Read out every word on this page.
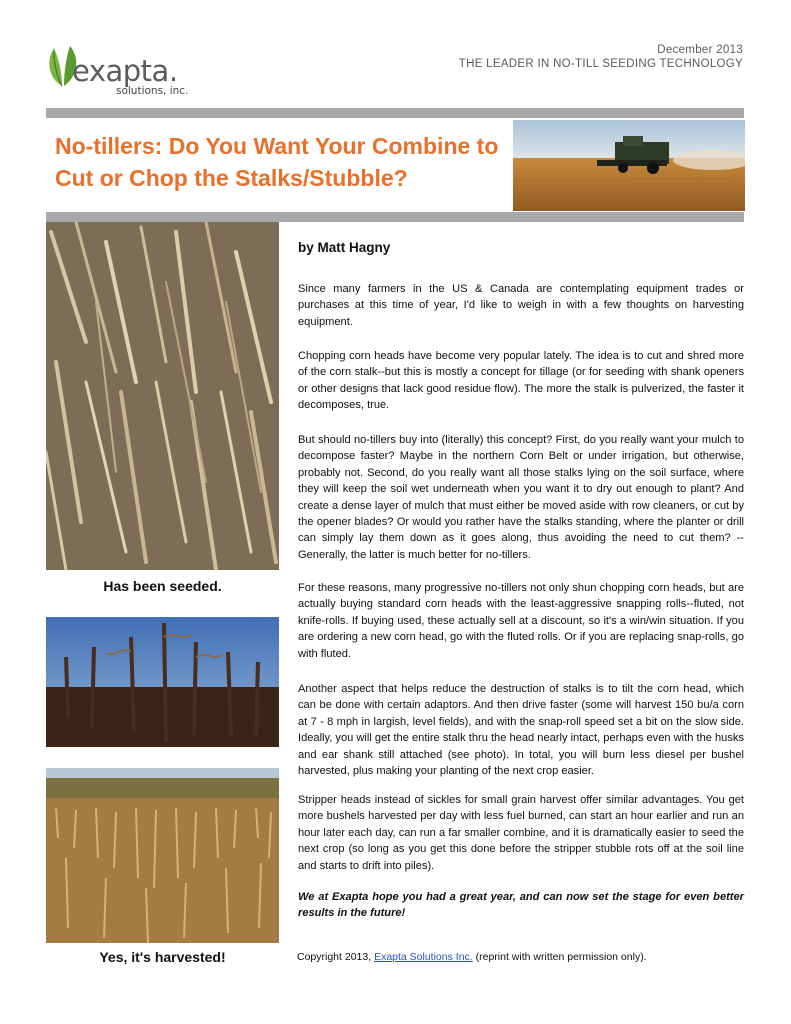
exapta.
solutions, inc.
December 2013
THE LEADER IN NO-TILL SEEDING TECHNOLOGY
No-tillers: Do You Want Your Combine to Cut or Chop the Stalks/Stubble?
Has been seeded.
Yes, it's harvested!
by Matt Hagny
Since many farmers in the US & Canada are contemplating equipment trades or purchases at this time of year, I'd like to weigh in with a few thoughts on harvesting equipment.
Chopping corn heads have become very popular lately. The idea is to cut and shred more of the corn stalk--but this is mostly a concept for tillage (or for seeding with shank openers or other designs that lack good residue flow). The more the stalk is pulverized, the faster it decomposes, true.
But should no-tillers buy into (literally) this concept? First, do you really want your mulch to decompose faster? Maybe in the northern Corn Belt or under irrigation, but otherwise, probably not. Second, do you really want all those stalks lying on the soil surface, where they will keep the soil wet underneath when you want it to dry out enough to plant? And create a dense layer of mulch that must either be moved aside with row cleaners, or cut by the opener blades? Or would you rather have the stalks standing, where the planter or drill can simply lay them down as it goes along, thus avoiding the need to cut them? --Generally, the latter is much better for no-tillers.
For these reasons, many progressive no-tillers not only shun chopping corn heads, but are actually buying standard corn heads with the least-aggressive snapping rolls--fluted, not knife-rolls. If buying used, these actually sell at a discount, so it's a win/win situation. If you are ordering a new corn head, go with the fluted rolls. Or if you are replacing snap-rolls, go with fluted.
Another aspect that helps reduce the destruction of stalks is to tilt the corn head, which can be done with certain adaptors. And then drive faster (some will harvest 150 bu/a corn at 7 - 8 mph in largish, level fields), and with the snap-roll speed set a bit on the slow side. Ideally, you will get the entire stalk thru the head nearly intact, perhaps even with the husks and ear shank still attached (see photo). In total, you will burn less diesel per bushel harvested, plus making your planting of the next crop easier.
Stripper heads instead of sickles for small grain harvest offer similar advantages. You get more bushels harvested per day with less fuel burned, can start an hour earlier and run an hour later each day, can run a far smaller combine, and it is dramatically easier to seed the next crop (so long as you get this done before the stripper stubble rots off at the soil line and starts to drift into piles).
We at Exapta hope you had a great year, and can now set the stage for even better results in the future!
Copyright 2013, Exapta Solutions Inc. (reprint with written permission only).
